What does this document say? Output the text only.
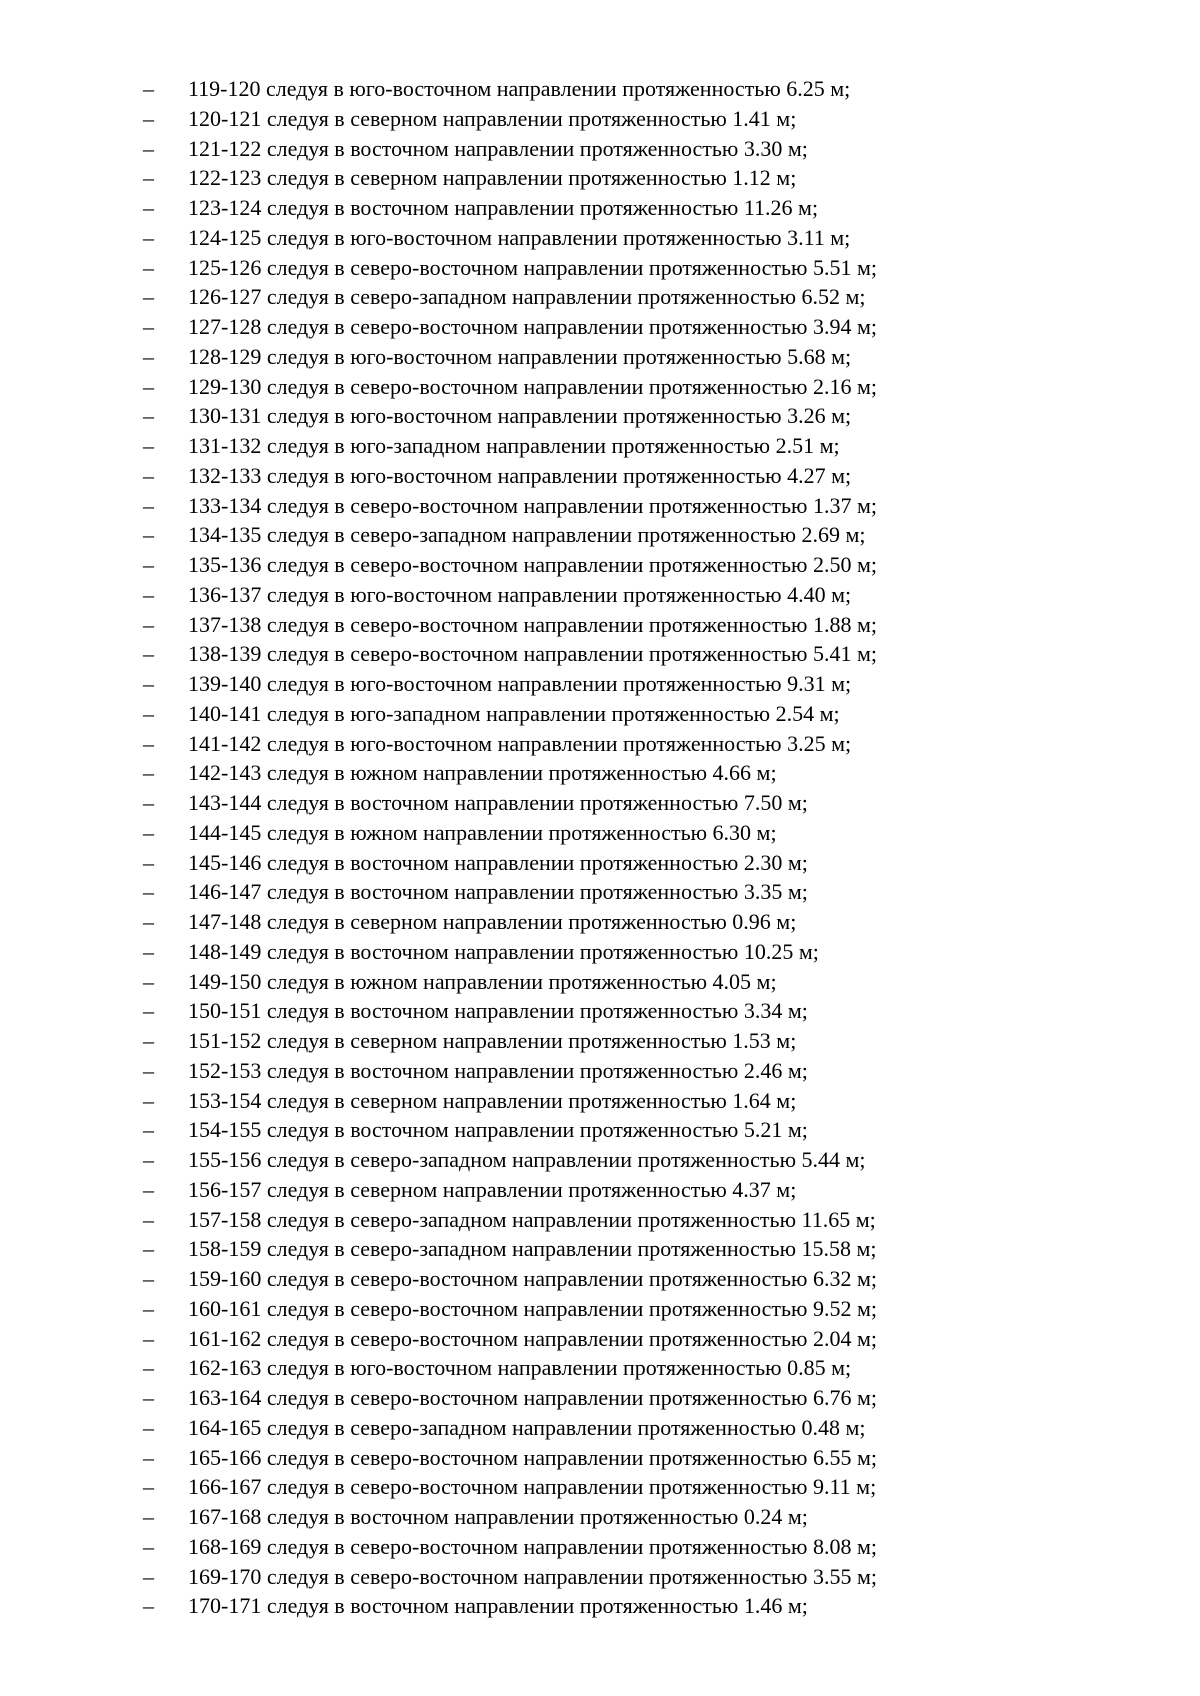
– 119-120 следуя в юго-восточном направлении протяженностью 6.25 м;
– 120-121 следуя в северном направлении протяженностью 1.41 м;
– 121-122 следуя в восточном направлении протяженностью 3.30 м;
– 122-123 следуя в северном направлении протяженностью 1.12 м;
– 123-124 следуя в восточном направлении протяженностью 11.26 м;
– 124-125 следуя в юго-восточном направлении протяженностью 3.11 м;
– 125-126 следуя в северо-восточном направлении протяженностью 5.51 м;
– 126-127 следуя в северо-западном направлении протяженностью 6.52 м;
– 127-128 следуя в северо-восточном направлении протяженностью 3.94 м;
– 128-129 следуя в юго-восточном направлении протяженностью 5.68 м;
– 129-130 следуя в северо-восточном направлении протяженностью 2.16 м;
– 130-131 следуя в юго-восточном направлении протяженностью 3.26 м;
– 131-132 следуя в юго-западном направлении протяженностью 2.51 м;
– 132-133 следуя в юго-восточном направлении протяженностью 4.27 м;
– 133-134 следуя в северо-восточном направлении протяженностью 1.37 м;
– 134-135 следуя в северо-западном направлении протяженностью 2.69 м;
– 135-136 следуя в северо-восточном направлении протяженностью 2.50 м;
– 136-137 следуя в юго-восточном направлении протяженностью 4.40 м;
– 137-138 следуя в северо-восточном направлении протяженностью 1.88 м;
– 138-139 следуя в северо-восточном направлении протяженностью 5.41 м;
– 139-140 следуя в юго-восточном направлении протяженностью 9.31 м;
– 140-141 следуя в юго-западном направлении протяженностью 2.54 м;
– 141-142 следуя в юго-восточном направлении протяженностью 3.25 м;
– 142-143 следуя в южном направлении протяженностью 4.66 м;
– 143-144 следуя в восточном направлении протяженностью 7.50 м;
– 144-145 следуя в южном направлении протяженностью 6.30 м;
– 145-146 следуя в восточном направлении протяженностью 2.30 м;
– 146-147 следуя в восточном направлении протяженностью 3.35 м;
– 147-148 следуя в северном направлении протяженностью 0.96 м;
– 148-149 следуя в восточном направлении протяженностью 10.25 м;
– 149-150 следуя в южном направлении протяженностью 4.05 м;
– 150-151 следуя в восточном направлении протяженностью 3.34 м;
– 151-152 следуя в северном направлении протяженностью 1.53 м;
– 152-153 следуя в восточном направлении протяженностью 2.46 м;
– 153-154 следуя в северном направлении протяженностью 1.64 м;
– 154-155 следуя в восточном направлении протяженностью 5.21 м;
– 155-156 следуя в северо-западном направлении протяженностью 5.44 м;
– 156-157 следуя в северном направлении протяженностью 4.37 м;
– 157-158 следуя в северо-западном направлении протяженностью 11.65 м;
– 158-159 следуя в северо-западном направлении протяженностью 15.58 м;
– 159-160 следуя в северо-восточном направлении протяженностью 6.32 м;
– 160-161 следуя в северо-восточном направлении протяженностью 9.52 м;
– 161-162 следуя в северо-восточном направлении протяженностью 2.04 м;
– 162-163 следуя в юго-восточном направлении протяженностью 0.85 м;
– 163-164 следуя в северо-восточном направлении протяженностью 6.76 м;
– 164-165 следуя в северо-западном направлении протяженностью 0.48 м;
– 165-166 следуя в северо-восточном направлении протяженностью 6.55 м;
– 166-167 следуя в северо-восточном направлении протяженностью 9.11 м;
– 167-168 следуя в восточном направлении протяженностью 0.24 м;
– 168-169 следуя в северо-восточном направлении протяженностью 8.08 м;
– 169-170 следуя в северо-восточном направлении протяженностью 3.55 м;
– 170-171 следуя в восточном направлении протяженностью 1.46 м;
